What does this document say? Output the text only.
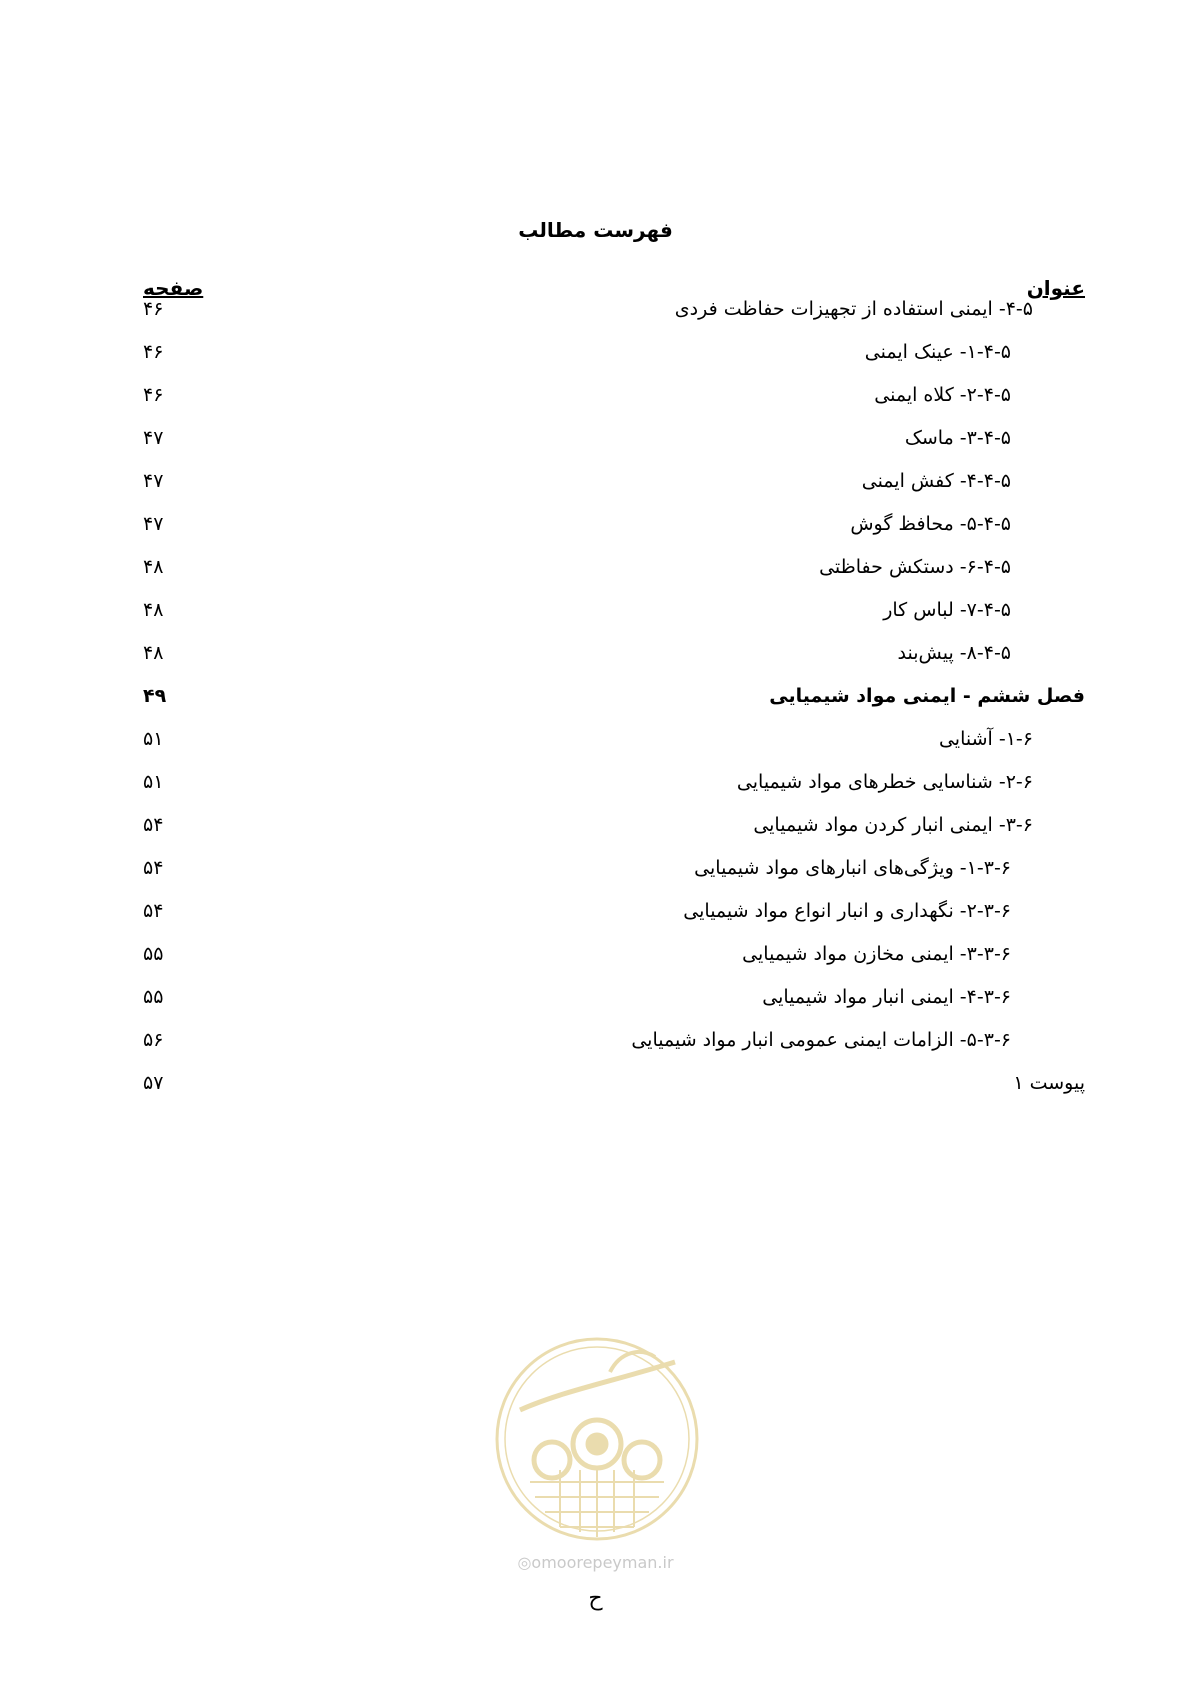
فهرست مطالب
عنوان
صفحه
۴-۵- ایمنی استفاده از تجهیزات حفاظت فردی
۴۶
۱-۴-۵- عینک ایمنی
۴۶
۲-۴-۵- کلاه ایمنی
۴۶
۳-۴-۵- ماسک
۴۷
۴-۴-۵- کفش ایمنی
۴۷
۵-۴-۵- محافظ گوش
۴۷
۶-۴-۵- دستکش حفاظتی
۴۸
۷-۴-۵- لباس کار
۴۸
۸-۴-۵- پیش‌بند
۴۸
فصل ششم - ایمنی مواد شیمیایی
۴۹
۱-۶- آشنایی
۵۱
۲-۶- شناسایی خطرهای مواد شیمیایی
۵۱
۳-۶- ایمنی انبار کردن مواد شیمیایی
۵۴
۱-۳-۶- ویژگی‌های انبارهای مواد شیمیایی
۵۴
۲-۳-۶- نگهداری و انبار انواع مواد شیمیایی
۵۴
۳-۳-۶- ایمنی مخازن مواد شیمیایی
۵۵
۴-۳-۶- ایمنی انبار مواد شیمیایی
۵۵
۵-۳-۶- الزامات ایمنی عمومی انبار مواد شیمیایی
۵۶
پیوست ۱
۵۷
◎omoorepeyman.ir
ح
